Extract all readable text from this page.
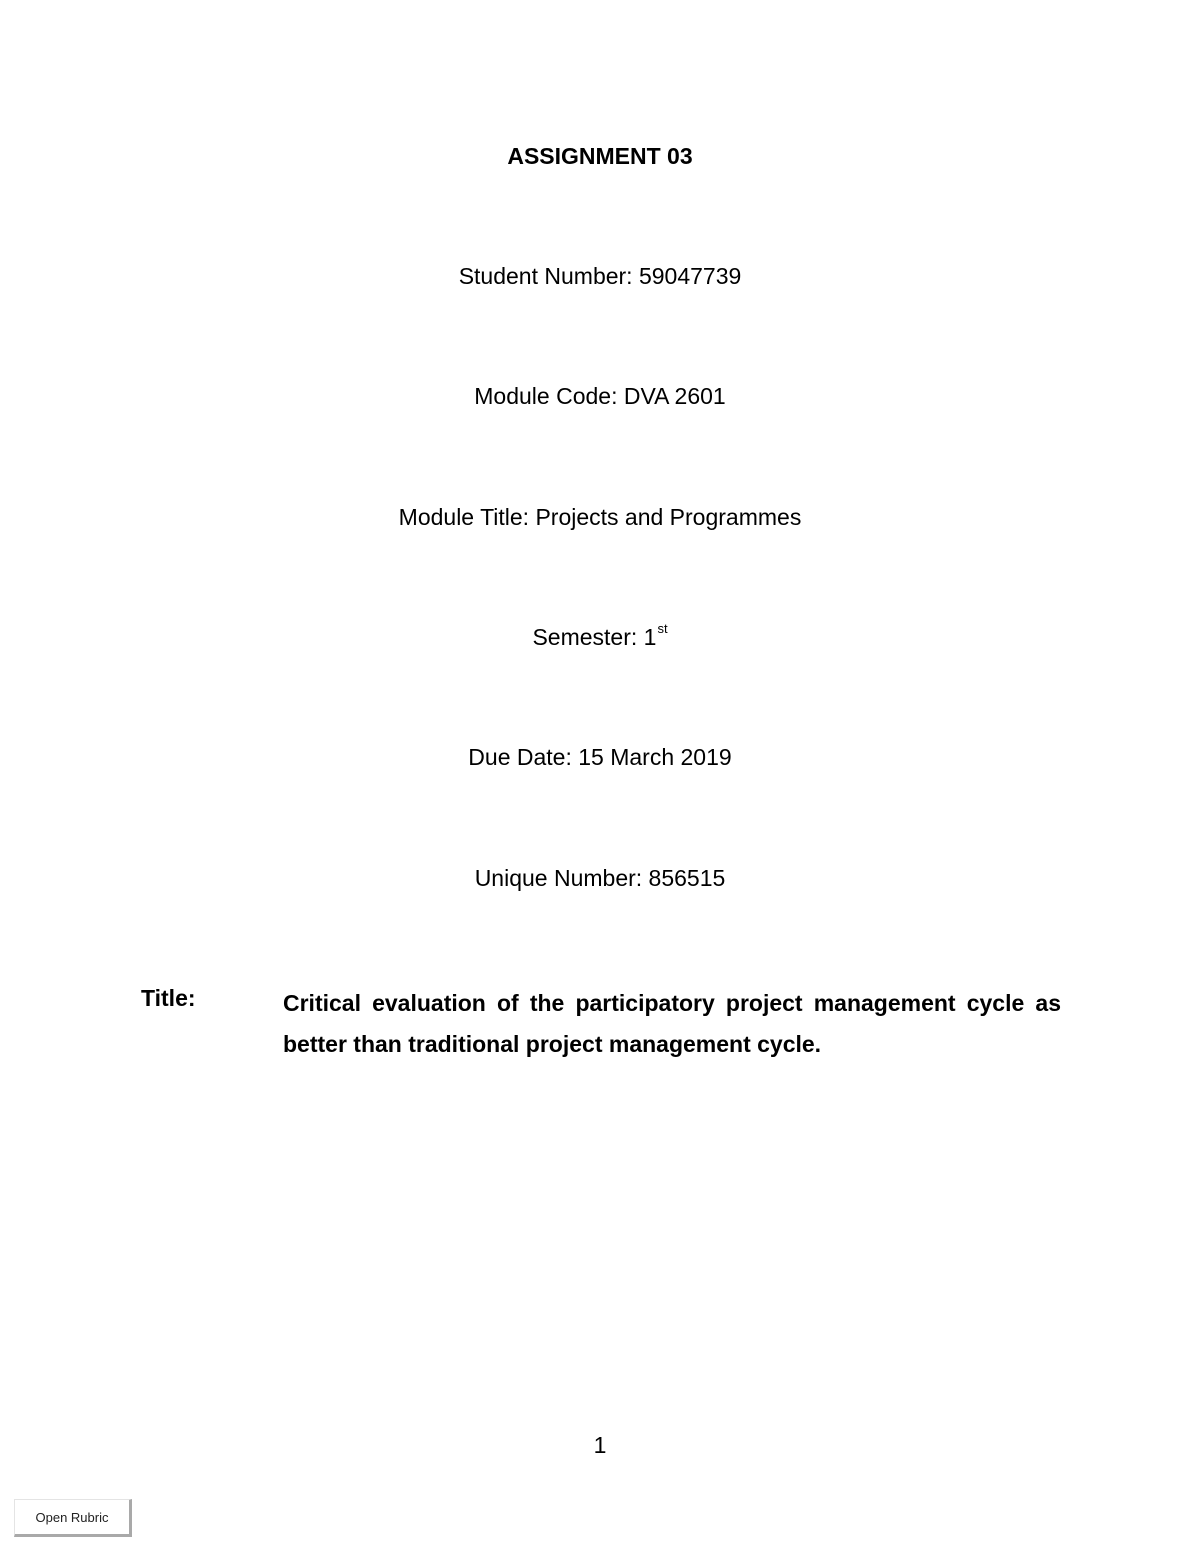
ASSIGNMENT 03
Student Number: 59047739
Module Code: DVA 2601
Module Title: Projects and Programmes
Semester: 1st
Due Date: 15 March 2019
Unique Number: 856515
Title:	Critical evaluation of the participatory project management cycle as better than traditional project management cycle.
1
Open Rubric
